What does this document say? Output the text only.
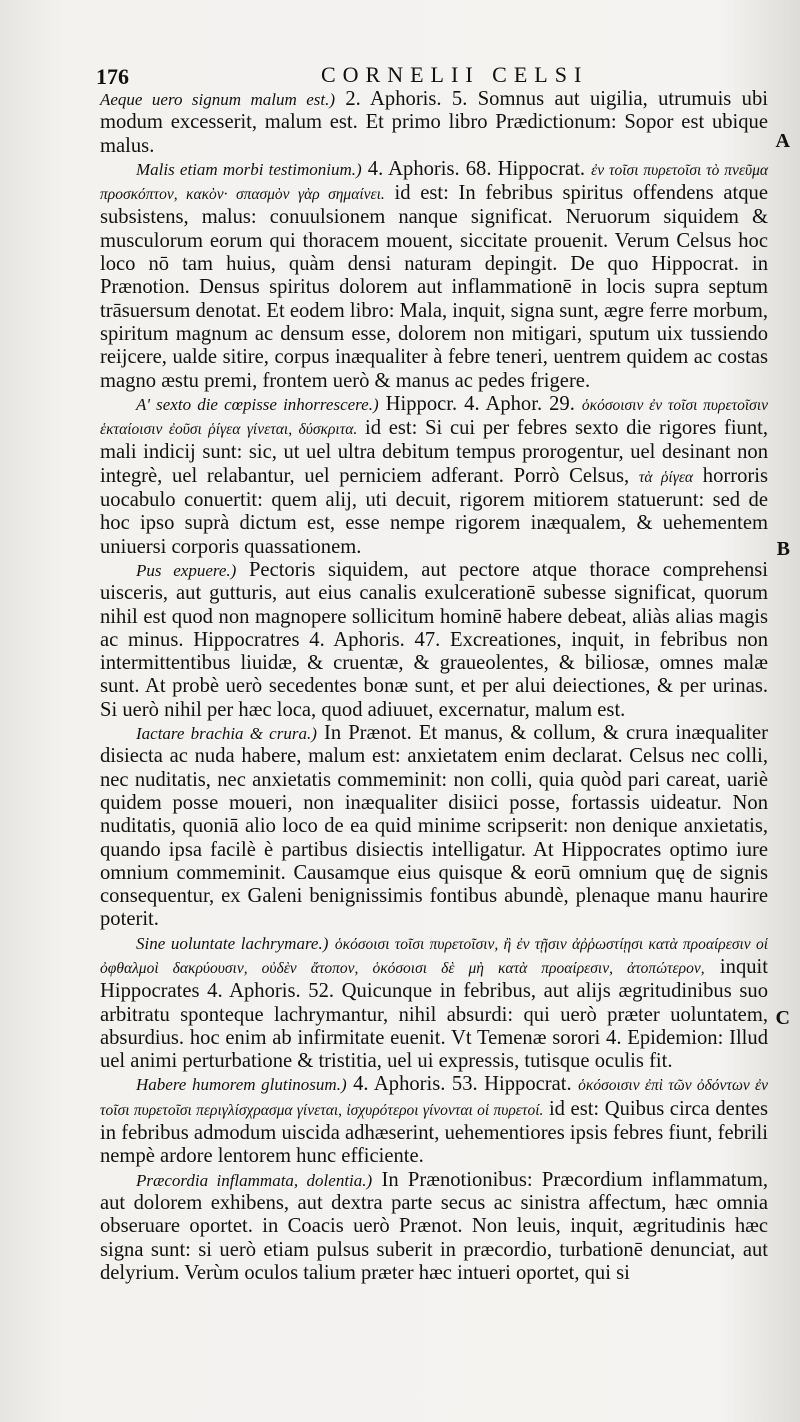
176	CORNELII CELSI
A
B
C

Aeque uero signum malum est.) 2. Aphoris. 5. Somnus aut uigilia, utrumuis ubi modum excesserit, malum est. Et primo libro Prædictionum: Sopor est ubique malus.

Malis etiam morbi testimonium.) 4. Aphoris. 68. Hippocrat. ἐν τοῖσι πυρετοῖσι τὸ πνεῦμα προσκόπτον, κακὸν· σπασμὸν γὰρ σημαίνει. id est: In febribus spiritus offendens atque subsistens, malus: conuulsionem nanque significat. Neruorum siquidem & musculorum eorum qui thoracem mouent, siccitate prouenit. Verum Celsus hoc loco nō tam huius, quàm densi naturam depingit. De quo Hippocrat. in Prænotion. Densus spiritus dolorem aut inflammationē in locis supra septum trāsuersum denotat. Et eodem libro: Mala, inquit, signa sunt, ægre ferre morbum, spiritum magnum ac densum esse, dolorem non mitigari, sputum uix tussiendo reijcere, ualde sitire, corpus inæqualiter à febre teneri, uentrem quidem ac costas magno æstu premi, frontem uerò & manus ac pedes frigere.

A' sexto die cœpisse inhorrescere.) Hippocr. 4. Aphor. 29. ὁκόσοισιν ἐν τοῖσι πυρετοῖσιν ἑκταίοισιν ἐοῦσι ῥίγεα γίνεται, δύσκριτα. id est: Si cui per febres sexto die rigores fiunt, mali indicij sunt: sic, ut uel ultra debitum tempus prorogentur, uel desinant non integrè, uel relabantur, uel perniciem adferant. Porrò Celsus, τὰ ῥίγεα horroris uocabulo conuertit: quem alij, uti decuit, rigorem mitiorem statuerunt: sed de hoc ipso suprà dictum est, esse nempe rigorem inæqualem, & uehementem uniuersi corporis quassationem.

Pus expuere.) Pectoris siquidem, aut pectore atque thorace comprehensi uisceris, aut gutturis, aut eius canalis exulcerationē subesse significat, quorum nihil est quod non magnopere sollicitum hominē habere debeat, aliàs alias magis ac minus. Hippocratres 4. Aphoris. 47. Excreationes, inquit, in febribus non intermittentibus liuidæ, & cruentæ, & graueolentes, & biliosæ, omnes malæ sunt. At probè uerò secedentes bonæ sunt, et per alui deiectiones, & per urinas. Si uerò nihil per hæc loca, quod adiuuet, excernatur, malum est.

Iactare brachia & crura.) In Prænot. Et manus, & collum, & crura inæqualiter disiecta ac nuda habere, malum est: anxietatem enim declarat. Celsus nec colli, nec nuditatis, nec anxietatis commeminit: non colli, quia quòd pari careat, uariè quidem posse moueri, non inæqualiter disiici posse, fortassis uideatur. Non nuditatis, quoniā alio loco de ea quid minime scripserit: non denique anxietatis, quando ipsa facilè è partibus disiectis intelligatur. At Hippocrates optimo iure omnium commeminit. Causamque eius quisque & eorū omnium quę de signis consequentur, ex Galeni benignissimis fontibus abundè, plenaque manu haurire poterit.

Sine uoluntate lachrymare.) ὁκόσοισι τοῖσι πυρετοῖσιν, ἢ ἐν τῇσιν ἀῤῥωστίῃσι κατὰ προαίρεσιν οἱ ὀφθαλμοὶ δακρύουσιν, οὐδὲν ἄτοπον, ὁκόσοισι δὲ μὴ κατὰ προαίρεσιν, ἀτοπώτερον, inquit Hippocrates 4. Aphoris. 52. Quicunque in febribus, aut alijs ægritudinibus suo arbitratu sponteque lachrymantur, nihil absurdi: qui uerò præter uoluntatem, absurdius. hoc enim ab infirmitate euenit. Vt Temenæ sorori 4. Epidemion: Illud uel animi perturbatione & tristitia, uel ui expressis, tutisque oculis fit.

Habere humorem glutinosum.) 4. Aphoris. 53. Hippocrat. ὁκόσοισιν ἐπὶ τῶν ὀδόντων ἐν τοῖσι πυρετοῖσι περιγλίσχρασμα γίνεται, ἰσχυρότεροι γίνονται οἱ πυρετοί. id est: Quibus circa dentes in febribus admodum uiscida adhæserint, uehementiores ipsis febres fiunt, febrili nempè ardore lentorem hunc efficiente.

Præcordia inflammata, dolentia.) In Prænotionibus: Præcordium inflammatum, aut dolorem exhibens, aut dextra parte secus ac sinistra affectum, hæc omnia obseruare oportet. in Coacis uerò Prænot. Non leuis, inquit, ægritudinis hæc signa sunt: si uerò etiam pulsus suberit in præcordio, turbationē denunciat, aut delyrium. Verùm oculos talium præter hæc intueri oportet, qui si
